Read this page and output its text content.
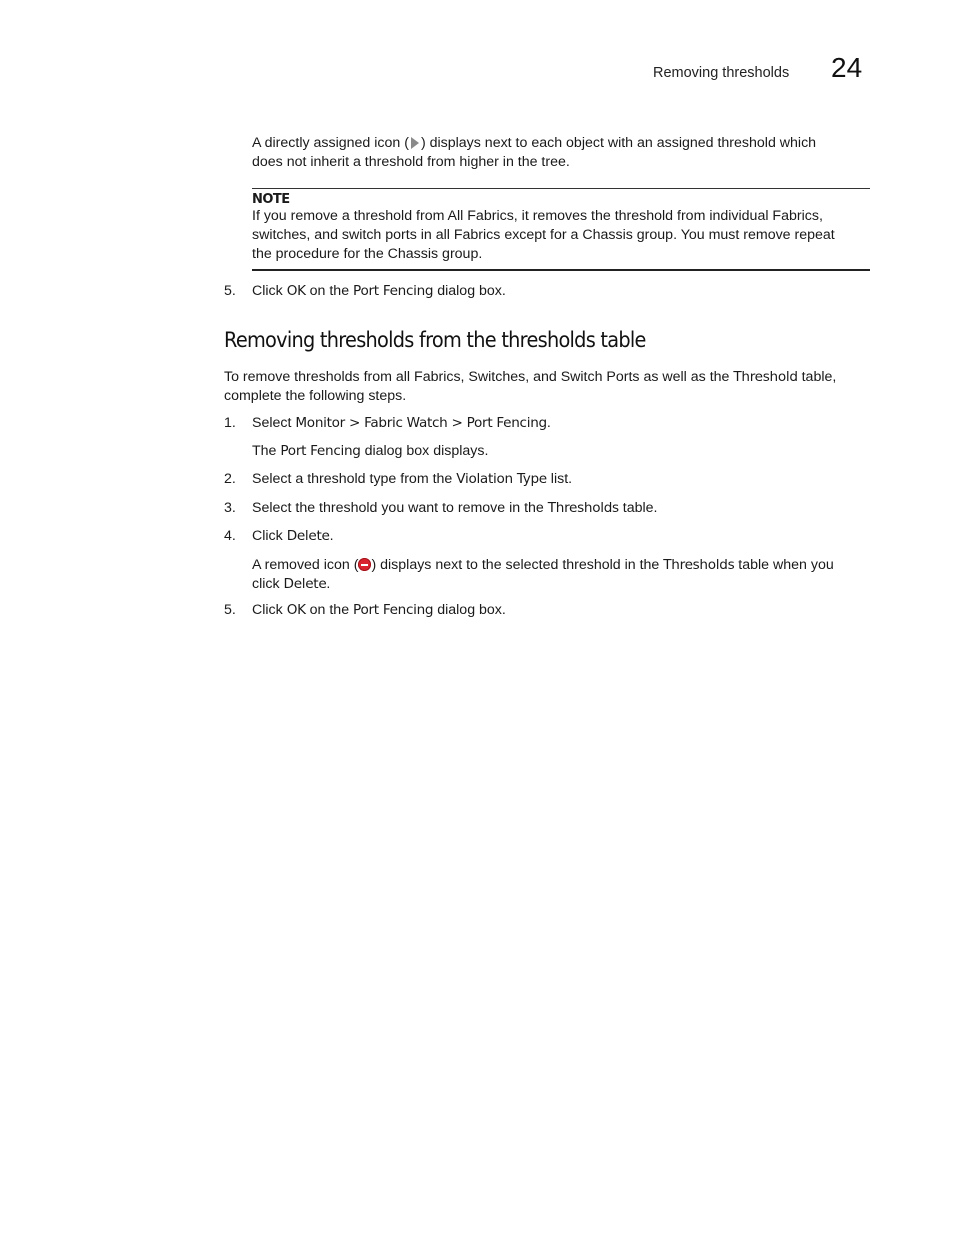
Removing thresholds 24
A directly assigned icon ( ) displays next to each object with an assigned threshold which
does not inherit a threshold from higher in the tree.
NOTE
If you remove a threshold from All Fabrics, it removes the threshold from individual Fabrics,
switches, and switch ports in all Fabrics except for a Chassis group. You must remove repeat
the procedure for the Chassis group.
5.	Click OK on the Port Fencing dialog box.
Removing thresholds from the thresholds table
To remove thresholds from all Fabrics, Switches, and Switch Ports as well as the Threshold table,
complete the following steps.
1.	Select Monitor > Fabric Watch > Port Fencing.
The Port Fencing dialog box displays.
2.	Select a threshold type from the Violation Type list.
3.	Select the threshold you want to remove in the Thresholds table.
4.	Click Delete.
A removed icon ( ) displays next to the selected threshold in the Thresholds table when you
click Delete.
5.	Click OK on the Port Fencing dialog box.
